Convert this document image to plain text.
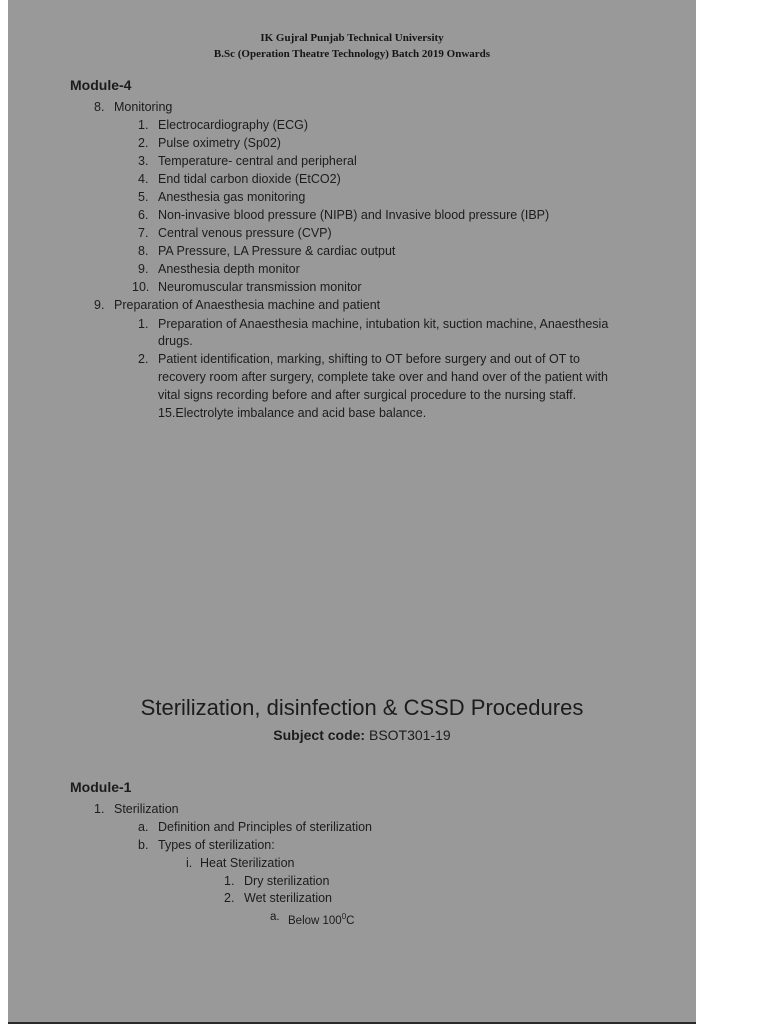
IK Gujral Punjab Technical University
B.Sc (Operation Theatre Technology) Batch 2019 Onwards
Module-4
8. Monitoring
1. Electrocardiography (ECG)
2. Pulse oximetry (Sp02)
3. Temperature- central and peripheral
4. End tidal carbon dioxide (EtCO2)
5. Anesthesia gas monitoring
6. Non-invasive blood pressure (NIPB) and Invasive blood pressure (IBP)
7. Central venous pressure (CVP)
8. PA Pressure, LA Pressure & cardiac output
9. Anesthesia depth monitor
10. Neuromuscular transmission monitor
9. Preparation of Anaesthesia machine and patient
1. Preparation of Anaesthesia machine, intubation kit, suction machine, Anaesthesia
drugs.
2. Patient identification, marking, shifting to OT before surgery and out of OT to
recovery room after surgery, complete take over and hand over of the patient with
vital signs recording before and after surgical procedure to the nursing staff.
15.Electrolyte imbalance and acid base balance.
Sterilization, disinfection & CSSD Procedures
Subject code: BSOT301-19
Module-1
1. Sterilization
a. Definition and Principles of sterilization
b. Types of sterilization:
i. Heat Sterilization
1. Dry sterilization
2. Wet sterilization
a. Below $100^0C$
